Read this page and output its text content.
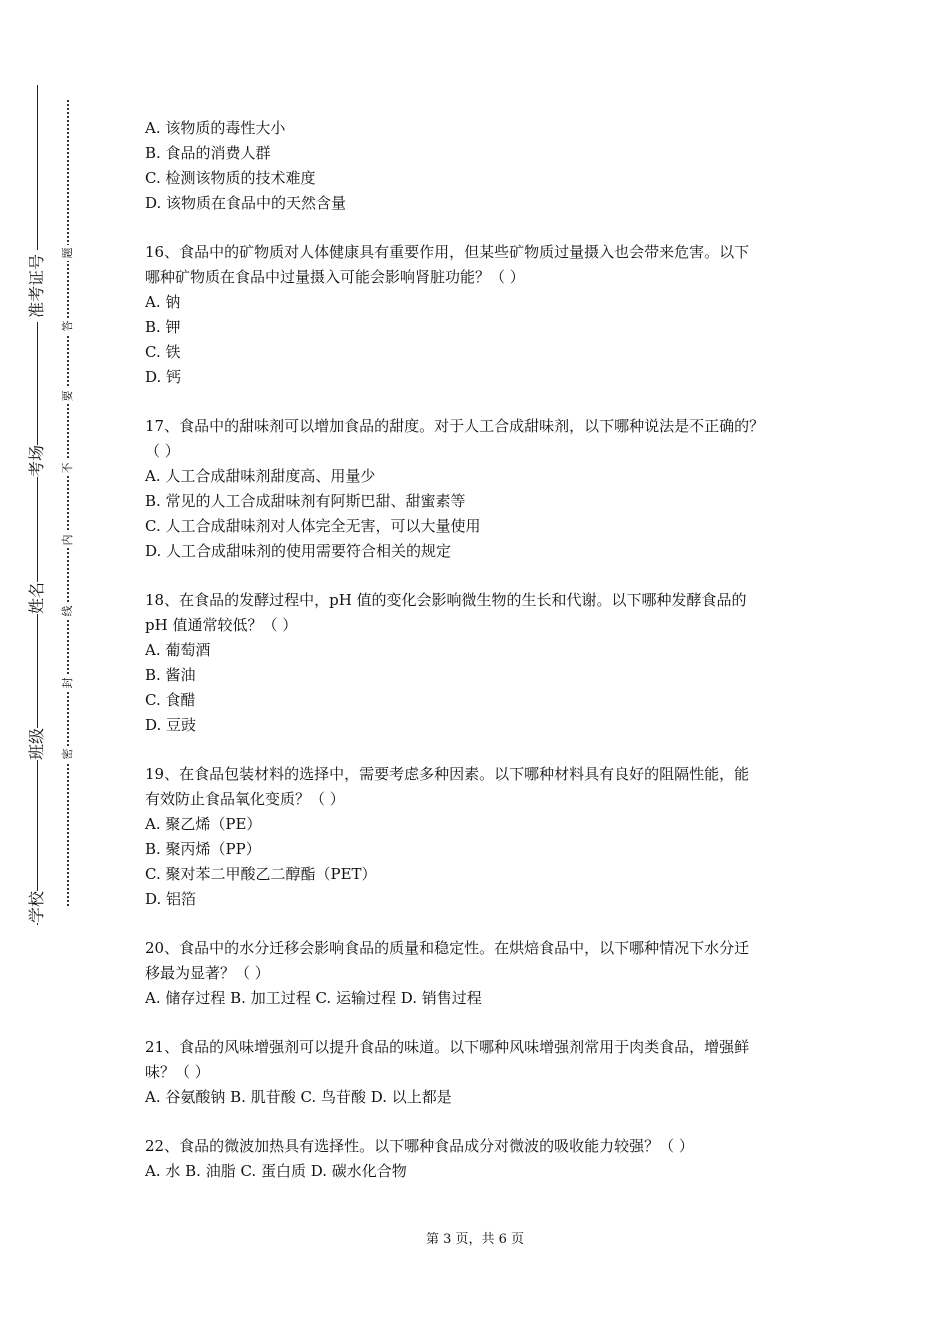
准考证号
考场
姓名
班级
学校
题
答
要
不
内
线
封
密
A. 该物质的毒性大小
B. 食品的消费人群
C. 检测该物质的技术难度
D. 该物质在食品中的天然含量
16、食品中的矿物质对人体健康具有重要作用，但某些矿物质过量摄入也会带来危害。以下
哪种矿物质在食品中过量摄入可能会影响肾脏功能？（ ）
A. 钠
B. 钾
C. 铁
D. 钙
17、食品中的甜味剂可以增加食品的甜度。对于人工合成甜味剂，以下哪种说法是不正确的？
（ ）
A. 人工合成甜味剂甜度高、用量少
B. 常见的人工合成甜味剂有阿斯巴甜、甜蜜素等
C. 人工合成甜味剂对人体完全无害，可以大量使用
D. 人工合成甜味剂的使用需要符合相关的规定
18、在食品的发酵过程中，pH 值的变化会影响微生物的生长和代谢。以下哪种发酵食品的
pH 值通常较低？（ ）
A. 葡萄酒
B. 酱油
C. 食醋
D. 豆豉
19、在食品包装材料的选择中，需要考虑多种因素。以下哪种材料具有良好的阻隔性能，能
有效防止食品氧化变质？（ ）
A. 聚乙烯（PE）
B. 聚丙烯（PP）
C. 聚对苯二甲酸乙二醇酯（PET）
D. 铝箔
20、食品中的水分迁移会影响食品的质量和稳定性。在烘焙食品中，以下哪种情况下水分迁
移最为显著？（ ）
A. 储存过程 B. 加工过程 C. 运输过程 D. 销售过程
21、食品的风味增强剂可以提升食品的味道。以下哪种风味增强剂常用于肉类食品，增强鲜
味？（ ）
A. 谷氨酸钠 B. 肌苷酸 C. 鸟苷酸 D. 以上都是
22、食品的微波加热具有选择性。以下哪种食品成分对微波的吸收能力较强？（ ）
A. 水 B. 油脂 C. 蛋白质 D. 碳水化合物
第 3 页，共 6 页
